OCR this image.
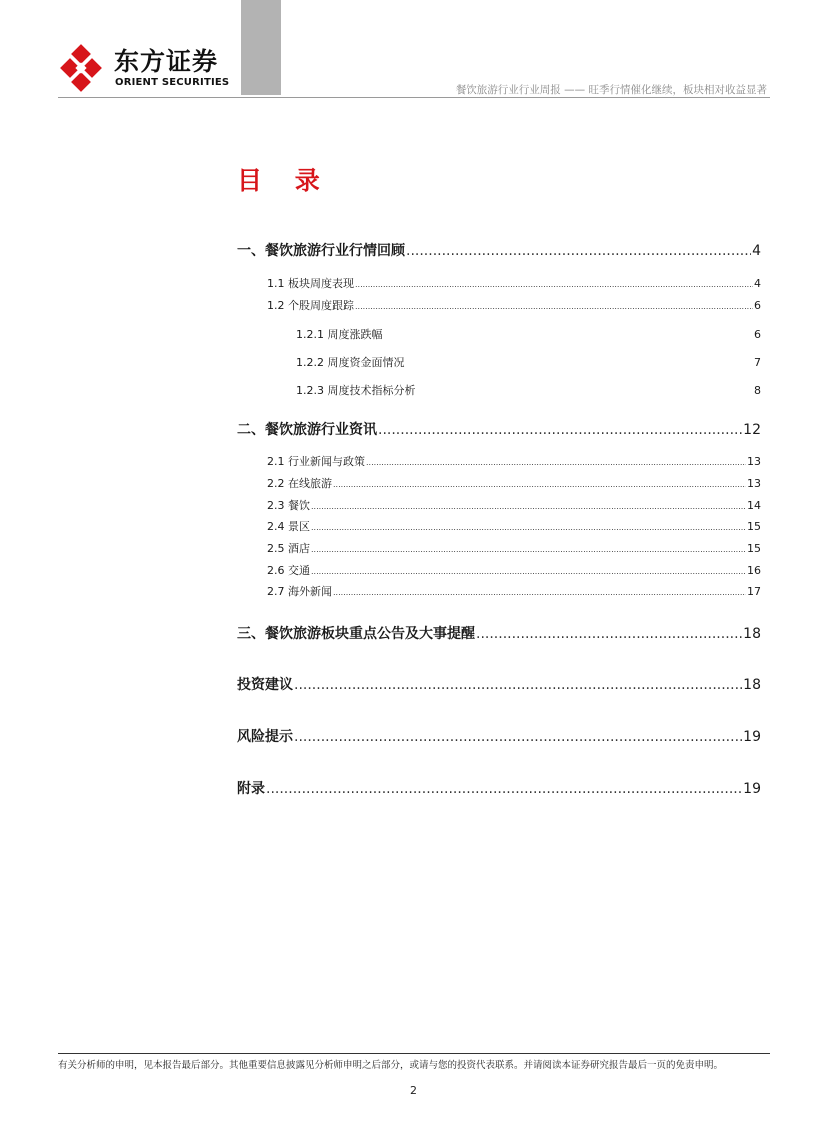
东方证券
ORIENT SECURITIES
餐饮旅游行业行业周报 —— 旺季行情催化继续，板块相对收益显著
目 录
一、餐饮旅游行业行情回顾 .....	4
1.1 板块周度表现 .....	4
1.2 个股周度跟踪 .....	6
1.2.1 周度涨跌幅	6
1.2.2 周度资金面情况	7
1.2.3 周度技术指标分析	8
二、餐饮旅游行业资讯 .....	12
2.1 行业新闻与政策 .....	13
2.2 在线旅游 .....	13
2.3 餐饮 .....	14
2.4 景区 .....	15
2.5 酒店 .....	15
2.6 交通 .....	16
2.7 海外新闻 .....	17
三、餐饮旅游板块重点公告及大事提醒 .....	18
投资建议 .....	18
风险提示 .....	19
附录 .....	19
有关分析师的申明，见本报告最后部分。其他重要信息披露见分析师申明之后部分，或请与您的投资代表联系。并请阅读本证券研究报告最后一页的免责申明。
2
